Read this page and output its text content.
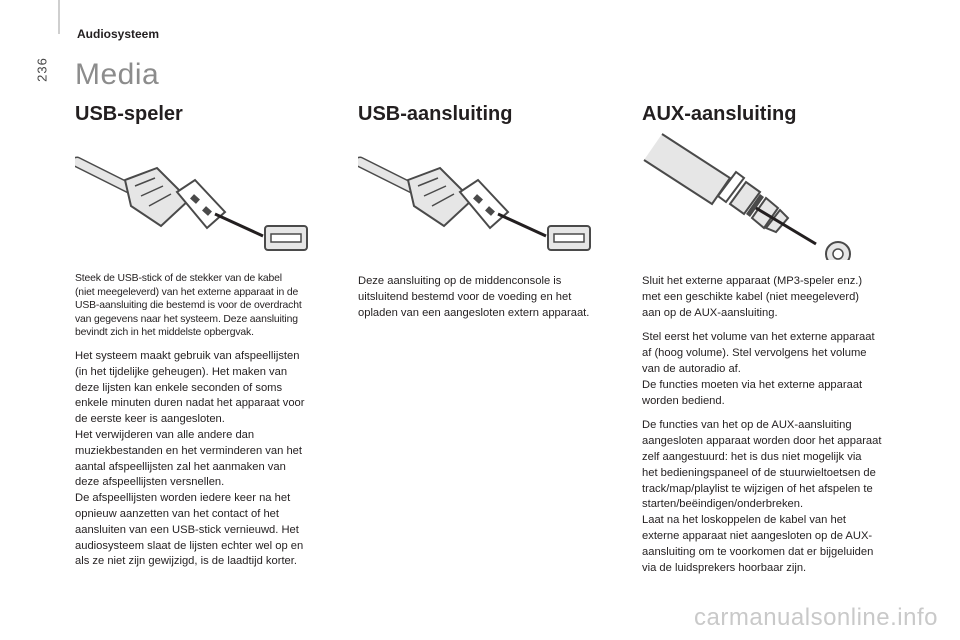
236
Audiosysteem
Media
USB-speler

Steek de USB-stick of de stekker van de kabel
(niet meegeleverd) van het externe apparaat in de
USB-aansluiting die bestemd is voor de overdracht
van gegevens naar het systeem. Deze aansluiting
bevindt zich in het middelste opbergvak.

Het systeem maakt gebruik van afspeellijsten
(in het tijdelijke geheugen). Het maken van
deze lijsten kan enkele seconden of soms
enkele minuten duren nadat het apparaat voor
de eerste keer is aangesloten.
Het verwijderen van alle andere dan
muziekbestanden en het verminderen van het
aantal afspeellijsten zal het aanmaken van
deze afspeellijsten versnellen.
De afspeellijsten worden iedere keer na het
opnieuw aanzetten van het contact of het
aansluiten van een USB-stick vernieuwd. Het
audiosysteem slaat de lijsten echter wel op en
als ze niet zijn gewijzigd, is de laadtijd korter.

USB-aansluiting

Deze aansluiting op de middenconsole is
uitsluitend bestemd voor de voeding en het
opladen van een aangesloten extern apparaat.

AUX-aansluiting

Sluit het externe apparaat (MP3-speler enz.)
met een geschikte kabel (niet meegeleverd)
aan op de AUX-aansluiting.

Stel eerst het volume van het externe apparaat
af (hoog volume). Stel vervolgens het volume
van de autoradio af.
De functies moeten via het externe apparaat
worden bediend.

De functies van het op de AUX-aansluiting
aangesloten apparaat worden door het apparaat
zelf aangestuurd: het is dus niet mogelijk via
het bedieningspaneel of de stuurwieltoetsen de
track/map/playlist te wijzigen of het afspelen te
starten/beëindigen/onderbreken.
Laat na het loskoppelen de kabel van het
externe apparaat niet aangesloten op de AUX-
aansluiting om te voorkomen dat er bijgeluiden
via de luidsprekers hoorbaar zijn.

carmanualsonline.info
